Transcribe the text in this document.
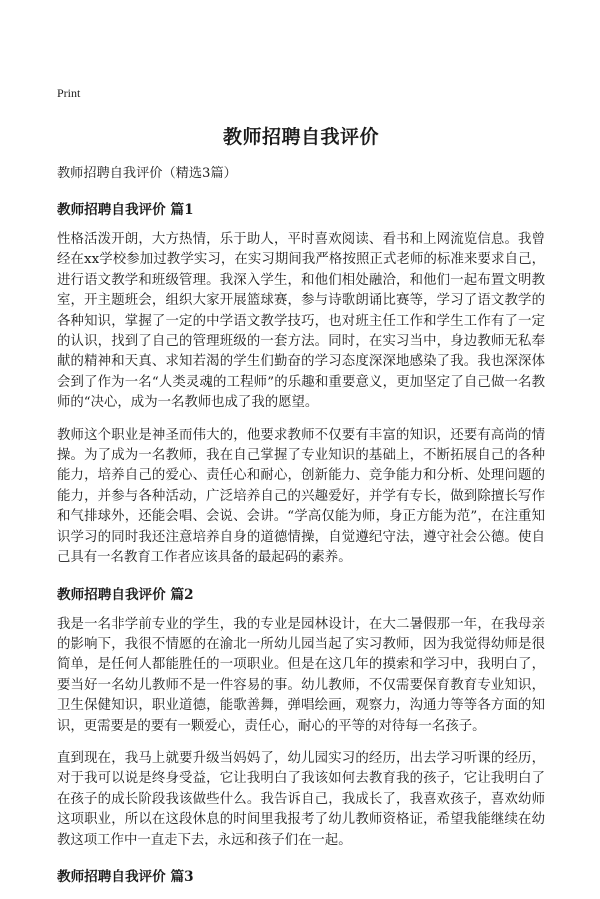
Print

教师招聘自我评价

教师招聘自我评价（精选3篇）

教师招聘自我评价 篇1

性格活泼开朗，大方热情，乐于助人，平时喜欢阅读、看书和上网流览信息。我曾经在xx学校参加过教学实习，在实习期间我严格按照正式老师的标准来要求自己，进行语文教学和班级管理。我深入学生，和他们相处融洽，和他们一起布置文明教室，开主题班会，组织大家开展篮球赛，参与诗歌朗诵比赛等，学习了语文教学的各种知识，掌握了一定的中学语文教学技巧，也对班主任工作和学生工作有了一定的认识，找到了自己的管理班级的一套方法。同时，在实习当中，身边教师无私奉献的精神和天真、求知若渴的学生们勤奋的学习态度深深地感染了我。我也深深体会到了作为一名“人类灵魂的工程师”的乐趣和重要意义，更加坚定了自己做一名教师的“决心，成为一名教师也成了我的愿望。

教师这个职业是神圣而伟大的，他要求教师不仅要有丰富的知识，还要有高尚的情操。为了成为一名教师，我在自己掌握了专业知识的基础上，不断拓展自己的各种能力，培养自己的爱心、责任心和耐心，创新能力、竞争能力和分析、处理问题的能力，并参与各种活动，广泛培养自己的兴趣爱好，并学有专长，做到除擅长写作和气排球外，还能会唱、会说、会讲。“学高仅能为师，身正方能为范”，在注重知识学习的同时我还注意培养自身的道德情操，自觉遵纪守法，遵守社会公德。使自己具有一名教育工作者应该具备的最起码的素养。

教师招聘自我评价 篇2

我是一名非学前专业的学生，我的专业是园林设计，在大二暑假那一年，在我母亲的影响下，我很不情愿的在渝北一所幼儿园当起了实习教师，因为我觉得幼师是很简单，是任何人都能胜任的一项职业。但是在这几年的摸索和学习中，我明白了，要当好一名幼儿教师不是一件容易的事。幼儿教师，不仅需要保育教育专业知识，卫生保健知识，职业道德，能歌善舞，弹唱绘画，观察力，沟通力等等各方面的知识，更需要是的要有一颗爱心，责任心，耐心的平等的对待每一名孩子。

直到现在，我马上就要升级当妈妈了，幼儿园实习的经历，出去学习听课的经历，对于我可以说是终身受益，它让我明白了我该如何去教育我的孩子，它让我明白了在孩子的成长阶段我该做些什么。我告诉自己，我成长了，我喜欢孩子，喜欢幼师这项职业，所以在这段休息的时间里我报考了幼儿教师资格证，希望我能继续在幼教这项工作中一直走下去，永远和孩子们在一起。

教师招聘自我评价 篇3
